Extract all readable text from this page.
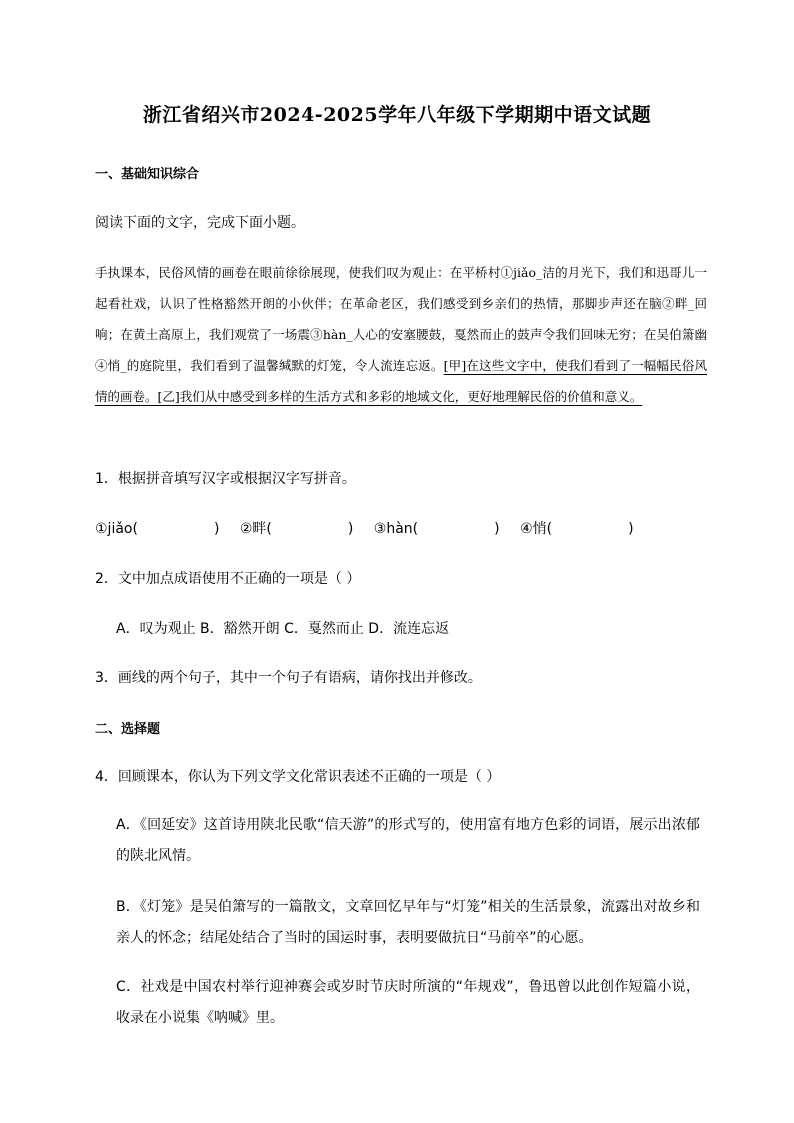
浙江省绍兴市2024-2025学年八年级下学期期中语文试题
一、基础知识综合
阅读下面的文字，完成下面小题。
手执课本，民俗风情的画卷在眼前徐徐展现，使我们叹为观止：在平桥村①jiǎo_洁的月光下，我们和迅哥儿一起看社戏，认识了性格豁然开朗的小伙伴；在革命老区，我们感受到乡亲们的热情，那脚步声还在脑②畔_回响；在黄土高原上，我们观赏了一场震③hàn_人心的安塞腰鼓，戛然而止的鼓声令我们回味无穷；在吴伯箫幽④悄_的庭院里，我们看到了温馨缄默的灯笼，令人流连忘返。[甲]在这些文字中，使我们看到了一幅幅民俗风情的画卷。[乙]我们从中感受到多样的生活方式和多彩的地域文化，更好地理解民俗的价值和意义。
1．根据拼音填写汉字或根据汉字写拼音。
①jiǎo(	) ②畔(	) ③hàn(	) ④悄(	)
2．文中加点成语使用不正确的一项是（ ）
A．叹为观止 B．豁然开朗 C．戛然而止 D．流连忘返
3．画线的两个句子，其中一个句子有语病，请你找出并修改。
二、选择题
4．回顾课本，你认为下列文学文化常识表述不正确的一项是（ ）
A．《回延安》这首诗用陕北民歌“信天游”的形式写的，使用富有地方色彩的词语，展示出浓郁的陕北风情。
B．《灯笼》是吴伯箫写的一篇散文，文章回忆早年与“灯笼”相关的生活景象，流露出对故乡和亲人的怀念；结尾处结合了当时的国运时事，表明要做抗日“马前卒”的心愿。
C．社戏是中国农村举行迎神赛会或岁时节庆时所演的“年规戏”，鲁迅曾以此创作短篇小说，收录在小说集《呐喊》里。
